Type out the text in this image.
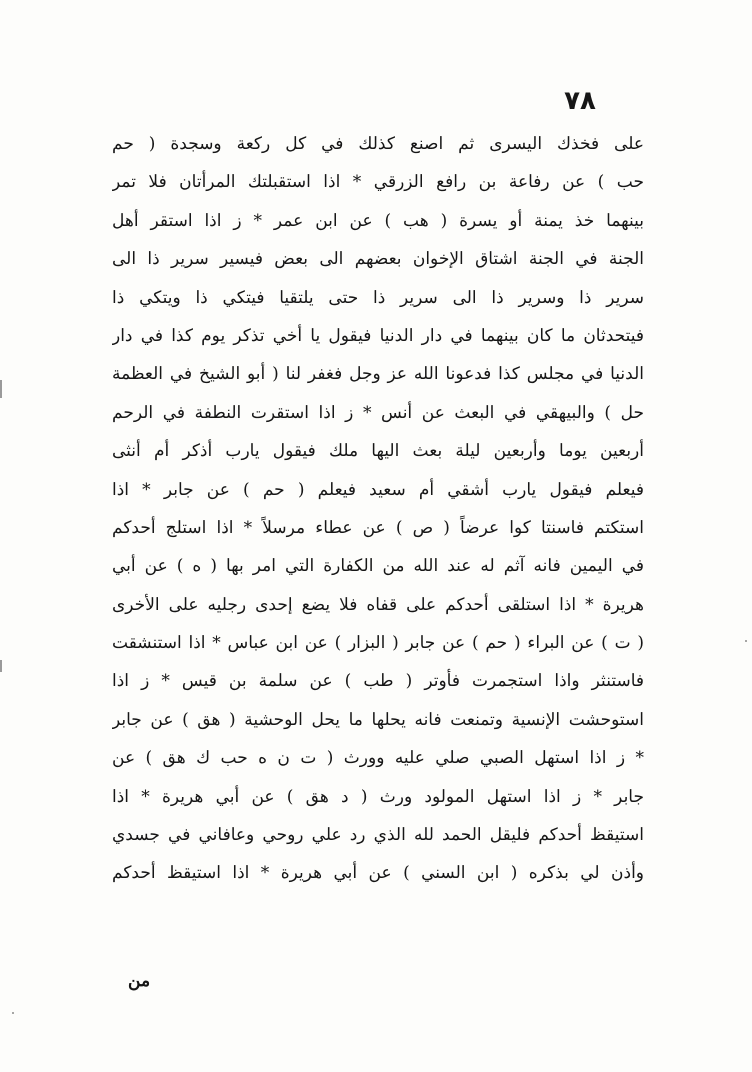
٧٨
على فخذك اليسرى ثم اصنع كذلك في كل ركعة وسجدة ( حم
حب ) عن رفاعة بن رافع الزرقي * اذا استقبلتك المرأتان فلا تمر
بينهما خذ يمنة أو يسرة ( هب ) عن ابن عمر * ز اذا استقر أهل
الجنة في الجنة اشتاق الإخوان بعضهم الى بعض فيسير سرير ذا الى
سرير ذا وسرير ذا الى سرير ذا حتى يلتقيا فيتكي ذا ويتكي ذا
فيتحدثان ما كان بينهما في دار الدنيا فيقول يا أخي تذكر يوم كذا في دار
الدنيا في مجلس كذا فدعونا الله عز وجل فغفر لنا ( أبو الشيخ في العظمة
حل ) والبيهقي في البعث عن أنس * ز اذا استقرت النطفة في الرحم
أربعين يوما وأربعين ليلة بعث اليها ملك فيقول يارب أذكر أم أنثى
فيعلم فيقول يارب أشقي أم سعيد فيعلم ( حم ) عن جابر * اذا
استكتم فاسنتا كوا عرضاً ( ص ) عن عطاء مرسلاً * اذا استلج أحدكم
في اليمين فانه آثم له عند الله من الكفارة التي امر بها ( ه ) عن أبي
هريرة * اذا استلقى أحدكم على قفاه فلا يضع إحدى رجليه على الأخرى
( ت ) عن البراء ( حم ) عن جابر ( البزار ) عن ابن عباس * اذا استنشقت
فاستنثر واذا استجمرت فأوتر ( طب ) عن سلمة بن قيس * ز اذا
استوحشت الإنسية وتمنعت فانه يحلها ما يحل الوحشية ( هق ) عن جابر
* ز اذا استهل الصبي صلي عليه وورث ( ت ن ه حب ك هق ) عن
جابر * ز اذا استهل المولود ورث ( د هق ) عن أبي هريرة * اذا
استيقظ أحدكم فليقل الحمد لله الذي رد علي روحي وعافاني في جسدي
وأذن لي بذكره ( ابن السني ) عن أبي هريرة * اذا استيقظ أحدكم
من
